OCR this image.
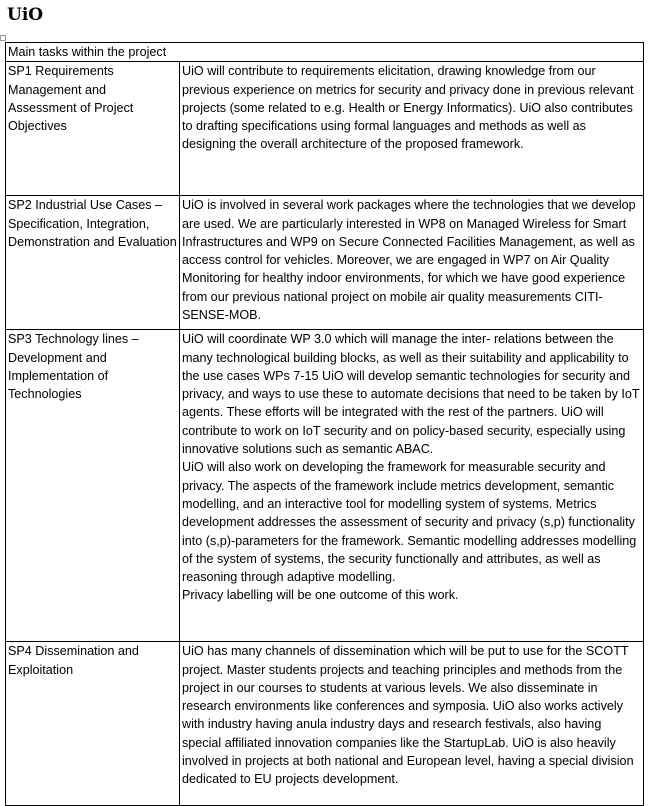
UiO
Main tasks within the project	
SP1 Requirements Management and Assessment of Project Objectives	UiO will contribute to requirements elicitation, drawing knowledge from our previous experience on metrics for security and privacy done in previous relevant projects (some related to e.g. Health or Energy Informatics). UiO also contributes to drafting specifications using formal languages and methods as well as designing the overall architecture of the proposed framework.
SP2 Industrial Use Cases – Specification, Integration, Demonstration and Evaluation	UiO is involved in several work packages where the technologies that we develop are used. We are particularly interested in WP8 on Managed Wireless for Smart Infrastructures and WP9 on Secure Connected Facilities Management, as well as access control for vehicles. Moreover, we are engaged in WP7 on Air Quality Monitoring for healthy indoor environments, for which we have good experience from our previous national project on mobile air quality measurements CITI-SENSE-MOB.
SP3 Technology lines – Development and Implementation of Technologies	UiO will coordinate WP 3.0 which will manage the inter- relations between the many technological building blocks, as well as their suitability and applicability to the use cases WPs 7-15 UiO will develop semantic technologies for security and privacy, and ways to use these to automate decisions that need to be taken by IoT agents. These efforts will be integrated with the rest of the partners. UiO will contribute to work on IoT security and on policy-based security, especially using innovative solutions such as semantic ABAC.
UiO will also work on developing the framework for measurable security and privacy. The aspects of the framework include metrics development, semantic modelling, and an interactive tool for modelling system of systems. Metrics development addresses the assessment of security and privacy (s,p) functionality into (s,p)-parameters for the framework. Semantic modelling addresses modelling of the system of systems, the security functionally and attributes, as well as reasoning through adaptive modelling.
Privacy labelling will be one outcome of this work.

SP4 Dissemination and Exploitation	UiO has many channels of dissemination which will be put to use for the SCOTT project. Master students projects and teaching principles and methods from the project in our courses to students at various levels. We also disseminate in research environments like conferences and symposia. UiO also works actively with industry having anula industry days and research festivals, also having special affiliated innovation companies like the StartupLab. UiO is also heavily involved in projects at both national and European level, having a special division dedicated to EU projects development.
